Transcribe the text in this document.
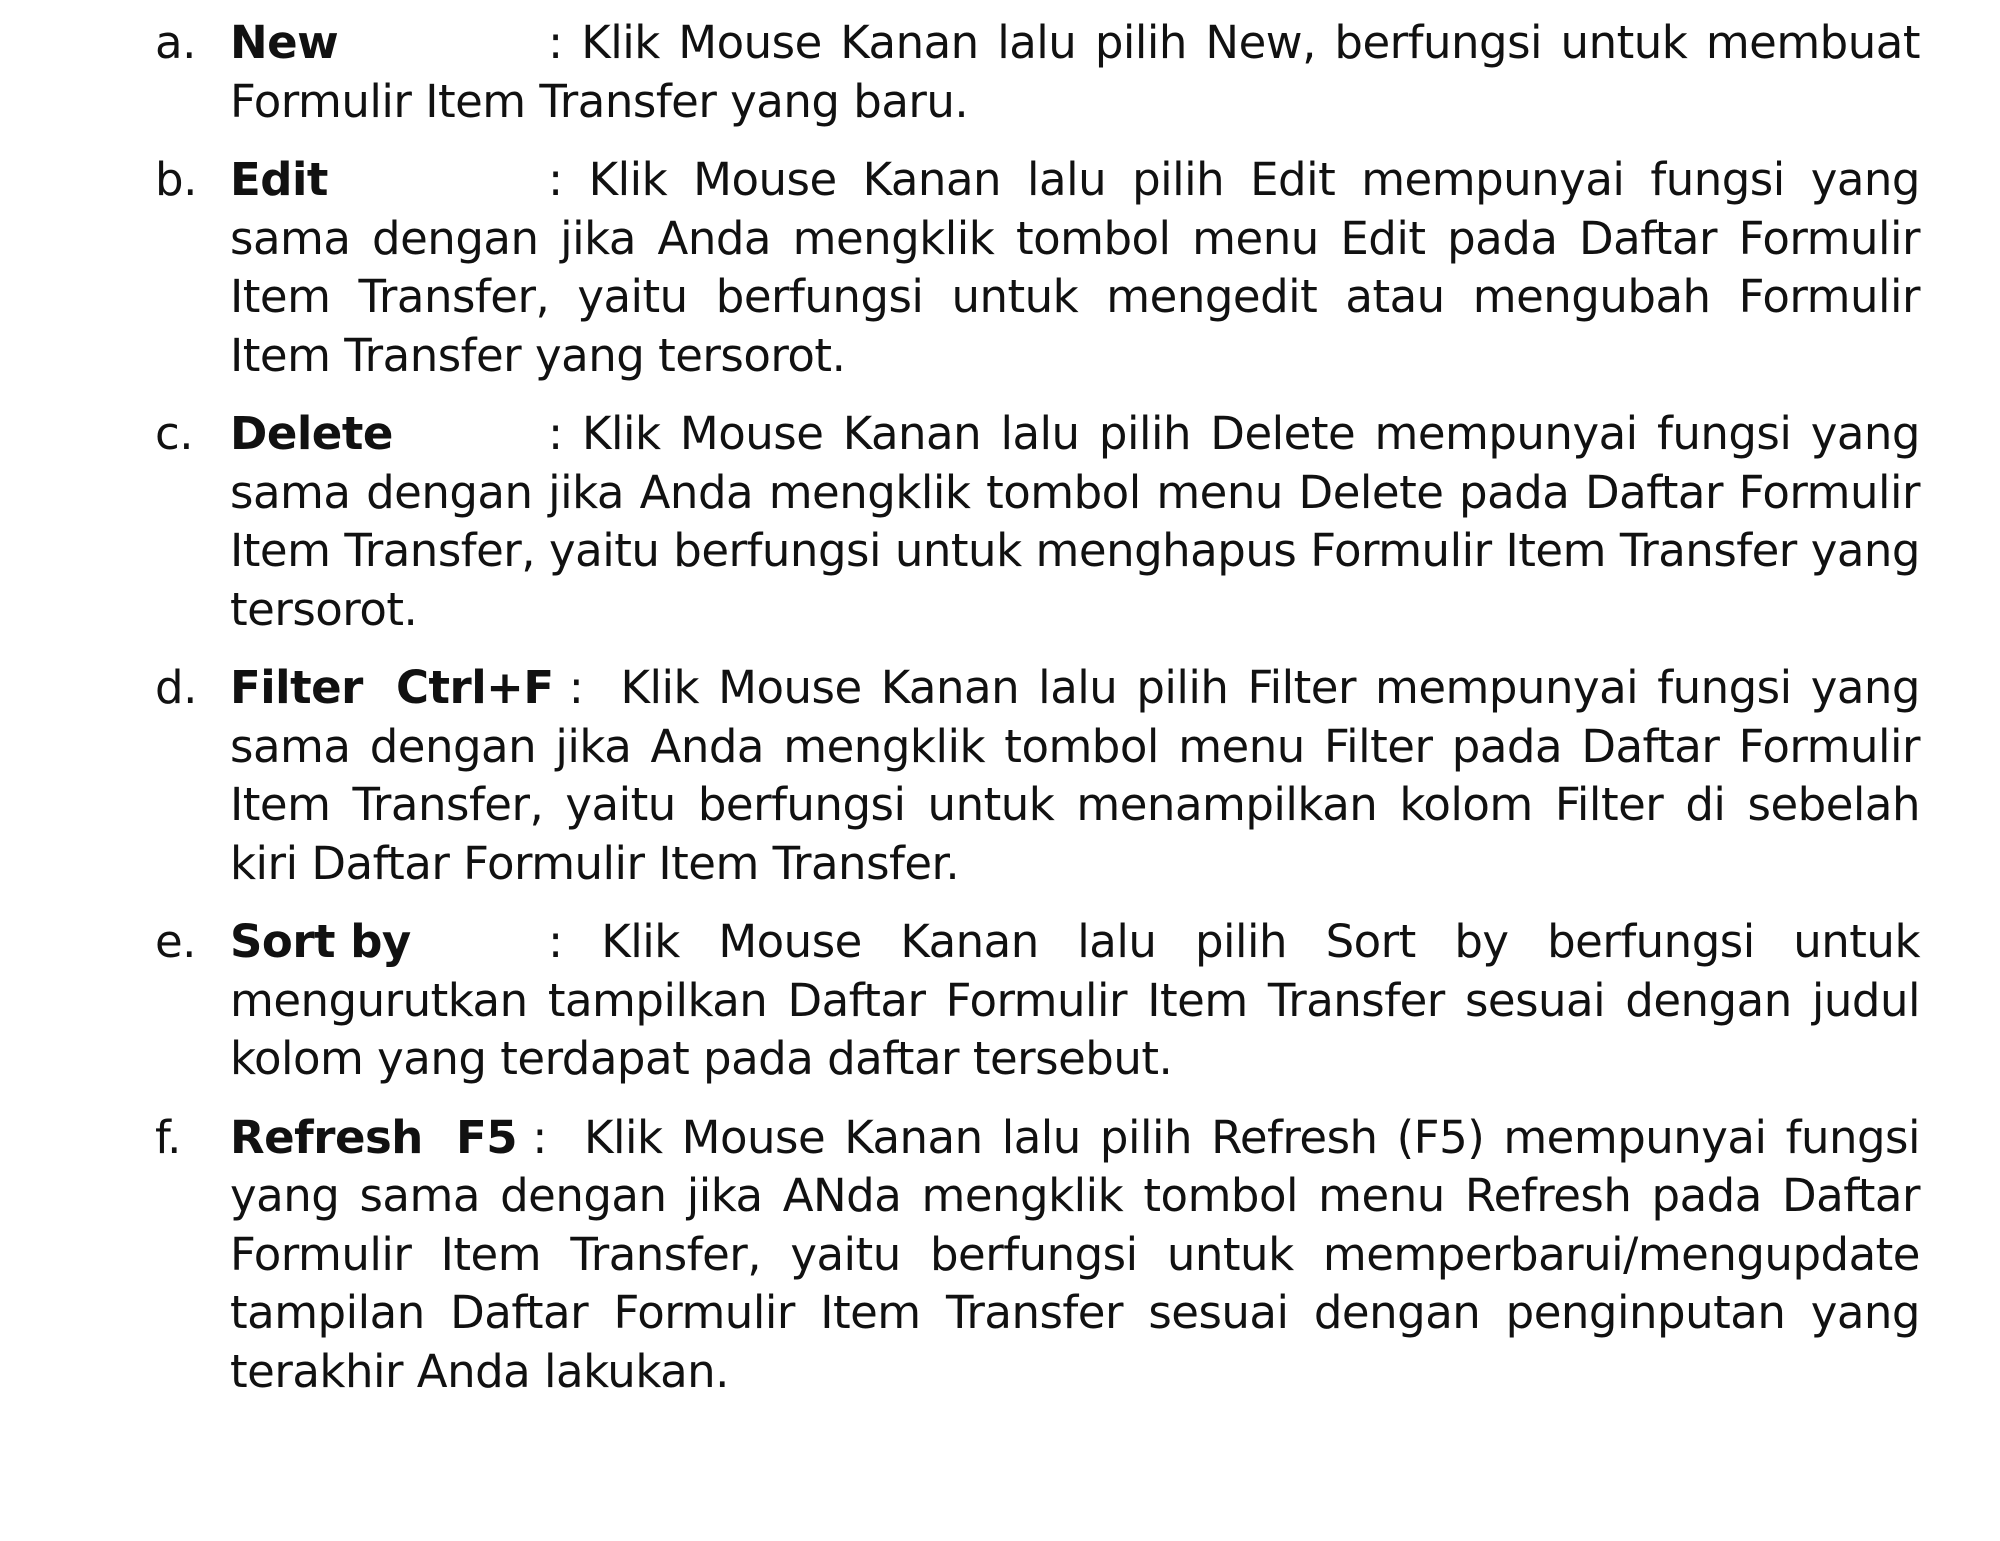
a. New	: Klik Mouse Kanan lalu pilih New, berfungsi untuk membuat Formulir Item Transfer yang baru.
b. Edit	: Klik Mouse Kanan lalu pilih Edit mempunyai fungsi yang sama dengan jika Anda mengklik tombol menu Edit pada Daftar Formulir Item Transfer, yaitu berfungsi untuk mengedit atau mengubah Formulir Item Transfer yang tersorot.
c. Delete	: Klik Mouse Kanan lalu pilih Delete mempunyai fungsi yang sama dengan jika Anda mengklik tombol menu Delete pada Daftar Formulir Item Transfer, yaitu berfungsi untuk menghapus Formulir Item Transfer yang tersorot.
d. Filter Ctrl+F : Klik Mouse Kanan lalu pilih Filter mempunyai fungsi yang sama dengan jika Anda mengklik tombol menu Filter pada Daftar Formulir Item Transfer, yaitu berfungsi untuk menampilkan kolom Filter di sebelah kiri Daftar Formulir Item Transfer.
e. Sort by	: Klik Mouse Kanan lalu pilih Sort by berfungsi untuk mengurutkan tampilkan Daftar Formulir Item Transfer sesuai dengan judul kolom yang terdapat pada daftar tersebut.
f. Refresh F5 : Klik Mouse Kanan lalu pilih Refresh (F5) mempunyai fungsi yang sama dengan jika ANda mengklik tombol menu Refresh pada Daftar Formulir Item Transfer, yaitu berfungsi untuk memperbarui/mengupdate tampilan Daftar Formulir Item Transfer sesuai dengan penginputan yang terakhir Anda lakukan.
